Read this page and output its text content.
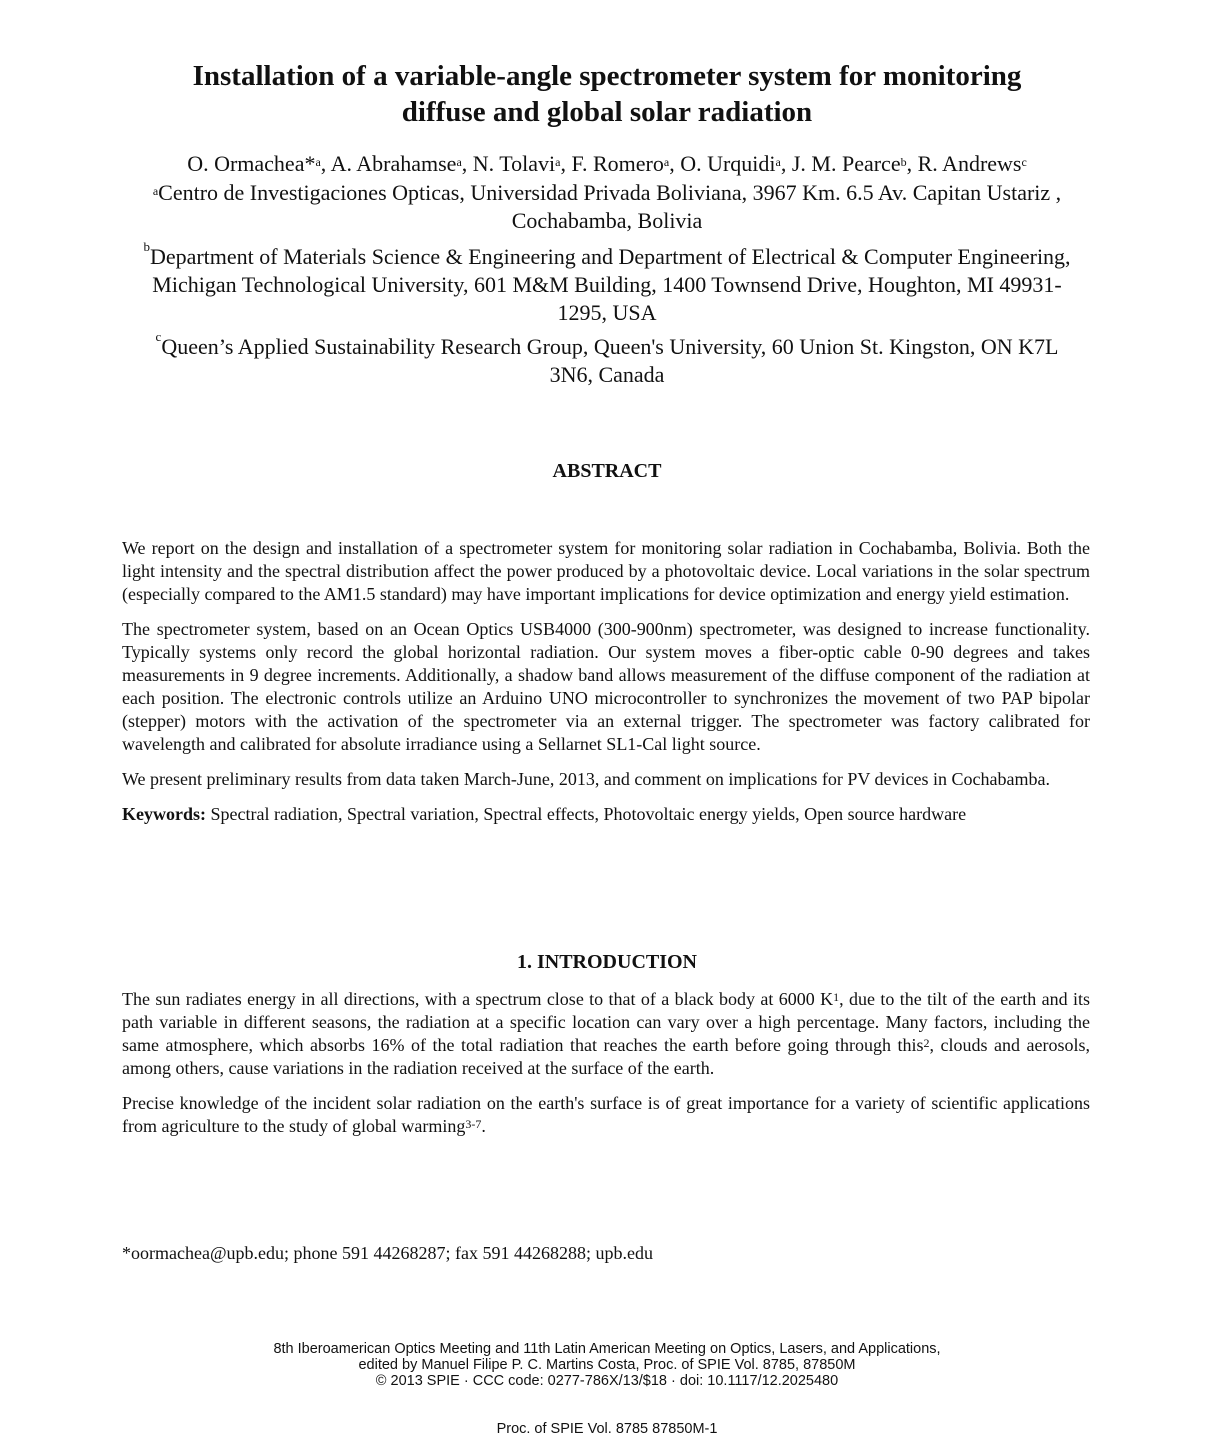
Installation of a variable-angle spectrometer system for monitoring
diffuse and global solar radiation
O. Ormachea*$^a$, A. Abrahamse$^a$, N. Tolavi$^a$, F. Romero$^a$, O. Urquidi$^a$, J. M. Pearce$^b$, R. Andrews$^c$
$^a$Centro de Investigaciones Opticas, Universidad Privada Boliviana, 3967 Km. 6.5 Av. Capitan Ustariz , Cochabamba, Bolivia
$^b$Department of Materials Science & Engineering and Department of Electrical & Computer Engineering, Michigan Technological University, 601 M&M Building, 1400 Townsend Drive, Houghton, MI 49931-1295, USA
$^c$Queen’s Applied Sustainability Research Group, Queen's University, 60 Union St. Kingston, ON K7L 3N6, Canada
ABSTRACT

We report on the design and installation of a spectrometer system for monitoring solar radiation in Cochabamba, Bolivia. Both the light intensity and the spectral distribution affect the power produced by a photovoltaic device. Local variations in the solar spectrum (especially compared to the AM1.5 standard) may have important implications for device optimization and energy yield estimation.

The spectrometer system, based on an Ocean Optics USB4000 (300-900nm) spectrometer, was designed to increase functionality. Typically systems only record the global horizontal radiation. Our system moves a fiber-optic cable 0-90 degrees and takes measurements in 9 degree increments. Additionally, a shadow band allows measurement of the diffuse component of the radiation at each position. The electronic controls utilize an Arduino UNO microcontroller to synchronizes the movement of two PAP bipolar (stepper) motors with the activation of the spectrometer via an external trigger. The spectrometer was factory calibrated for wavelength and calibrated for absolute irradiance using a Sellarnet SL1-Cal light source.

We present preliminary results from data taken March-June, 2013, and comment on implications for PV devices in Cochabamba.

Keywords: Spectral radiation, Spectral variation, Spectral effects, Photovoltaic energy yields, Open source hardware

1. INTRODUCTION

The sun radiates energy in all directions, with a spectrum close to that of a black body at 6000 $K^1$, due to the tilt of the earth and its path variable in different seasons, the radiation at a specific location can vary over a high percentage. Many factors, including the same atmosphere, which absorbs 16% of the total radiation that reaches the earth before going through this$^2$, clouds and aerosols, among others, cause variations in the radiation received at the surface of the earth.

Precise knowledge of the incident solar radiation on the earth's surface is of great importance for a variety of scientific applications from agriculture to the study of global warming$^{3-7}$.

*oormachea@upb.edu; phone 591 44268287; fax 591 44268288; upb.edu
8th Iberoamerican Optics Meeting and 11th Latin American Meeting on Optics, Lasers, and Applications,
edited by Manuel Filipe P. C. Martins Costa, Proc. of SPIE Vol. 8785, 87850M
© 2013 SPIE · CCC code: 0277-786X/13/$18 · doi: 10.1117/12.2025480
Proc. of SPIE Vol. 8785 87850M-1
